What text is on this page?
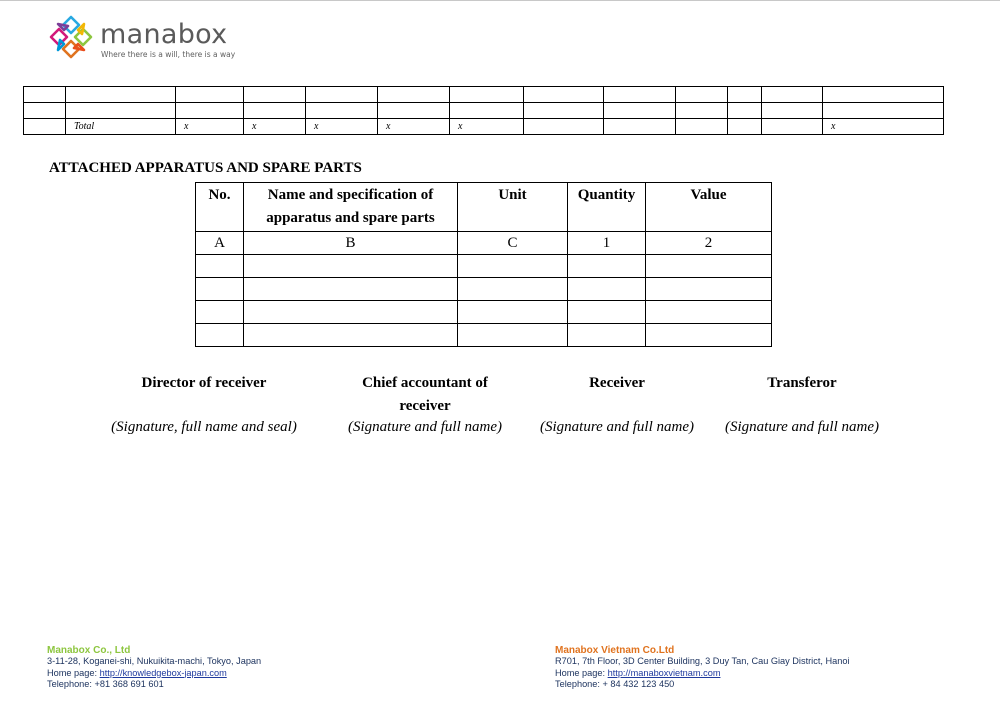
manabox
Where there is a will, there is a way

	Total	x	x	x	x	x						x
ATTACHED APPARATUS AND SPARE PARTS
No.	Name and specification of apparatus and spare parts	Unit	Quantity	Value
A	B	C	1	2

Director of receiver
(Signature, full name and seal)
Chief accountant of receiver
(Signature and full name)
Receiver
(Signature and full name)
Transferor
(Signature and full name)
Manabox Co., Ltd
3-11-28, Koganei-shi, Nukuikita-machi, Tokyo, Japan
Home page: http://knowledgebox-japan.com
Telephone: +81 368 691 601
Manabox Vietnam Co.Ltd
R701, 7th Floor, 3D Center Building, 3 Duy Tan, Cau Giay District, Hanoi
Home page: http://manaboxvietnam.com
Telephone: + 84 432 123 450
